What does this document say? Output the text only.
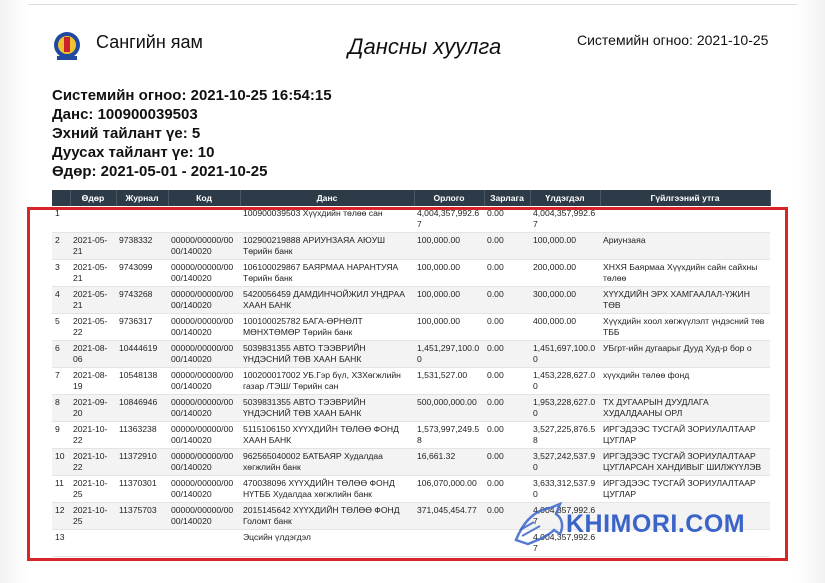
Сангийн яам	Дансны хуулга	Системийн огноо: 2021-10-25
Системийн огноо: 2021-10-25 16:54:15
Данс: 100900039503
Эхний тайлант үе: 5
Дуусах тайлант үе: 10
Өдөр: 2021-05-01 - 2021-10-25
	Өдөр	Журнал	Код	Данс	Орлого	Зарлага	Үлдэгдэл	Гүйлгээний утга
1				100900039503 Хүүхдийн төлөө сан	4,004,357,992.67	0.00	4,004,357,992.67	
2	2021-05-21	9738332	00000/00000/0000/140020	102900219888 АРИУНЗАЯА АЮУШ Төрийн банк	100,000.00	0.00	100,000.00	Ариунзаяа
3	2021-05-21	9743099	00000/00000/0000/140020	106100029867 БАЯРМАА НАРАНТУЯА Төрийн банк	100,000.00	0.00	200,000.00	ХНХЯ Баярмаа Хүүхдийн сайн сайхны төлөө
4	2021-05-21	9743268	00000/00000/0000/140020	5420056459 ДАМДИНЧОЙЖИЛ УНДРАА ХААН БАНК	100,000.00	0.00	300,000.00	ХҮҮХДИЙН ЭРХ ХАМГААЛАЛ-ҮЖИН ТӨВ
5	2021-05-22	9736317	00000/00000/0000/140020	100100025782 БАГА-ӨРНӨЛТ МӨНХТӨМӨР Төрийн банк	100,000.00	0.00	400,000.00	Хүүхдийн хоол хөгжүүлэлт үндэсний төв ТББ
6	2021-08-06	10444619	00000/00000/0000/140020	5039831355 АВТО ТЭЭВРИЙН ҮНДЭСНИЙ ТӨВ ХААН БАНК	1,451,297,100.00	0.00	1,451,697,100.00	УБгрт-ийн дугаарыг Дууд Худ-р бор о
7	2021-08-19	10548138	00000/00000/0000/140020	100200017002 УБ.Гэр бүл, ХЗХөгжлийн газар /ТЭШ/ Төрийн сан	1,531,527.00	0.00	1,453,228,627.00	хүүхдийн төлөө фонд
8	2021-09-20	10846946	00000/00000/0000/140020	5039831355 АВТО ТЭЭВРИЙН ҮНДЭСНИЙ ТӨВ ХААН БАНК	500,000,000.00	0.00	1,953,228,627.00	ТХ ДУГААРЫН ДУУДЛАГА ХУДАЛДААНЫ ОРЛ
9	2021-10-22	11363238	00000/00000/0000/140020	5115106150 ХҮҮХДИЙН ТӨЛӨӨ ФОНД ХААН БАНК	1,573,997,249.58	0.00	3,527,225,876.58	ИРГЭДЭЭС ТУСГАЙ ЗОРИУЛАЛТААР ЦУГЛАР
10	2021-10-22	11372910	00000/00000/0000/140020	962565040002 БАТБАЯР Худалдаа хөгжлийн банк	16,661.32	0.00	3,527,242,537.90	ИРГЭДЭЭС ТУСГАЙ ЗОРИУЛАЛТААР ЦУГЛАРСАН ХАНДИВЫГ ШИЛЖҮҮЛЭВ
11	2021-10-25	11370301	00000/00000/0000/140020	470038096 ХҮҮХДИЙН ТӨЛӨӨ ФОНД НҮТББ Худалдаа хөгжлийн банк	106,070,000.00	0.00	3,633,312,537.90	ИРГЭДЭЭС ТУСГАЙ ЗОРИУЛАЛТААР ЦУГЛАР
12	2021-10-25	11375703	00000/00000/0000/140020	2015145642 ХҮҮХДИЙН ТӨЛӨӨ ФОНД Голомт банк	371,045,454.77	0.00	4,004,357,992.67	
13				Эцсийн үлдэгдэл			4,004,357,992.67	
KHIMORI.COM
